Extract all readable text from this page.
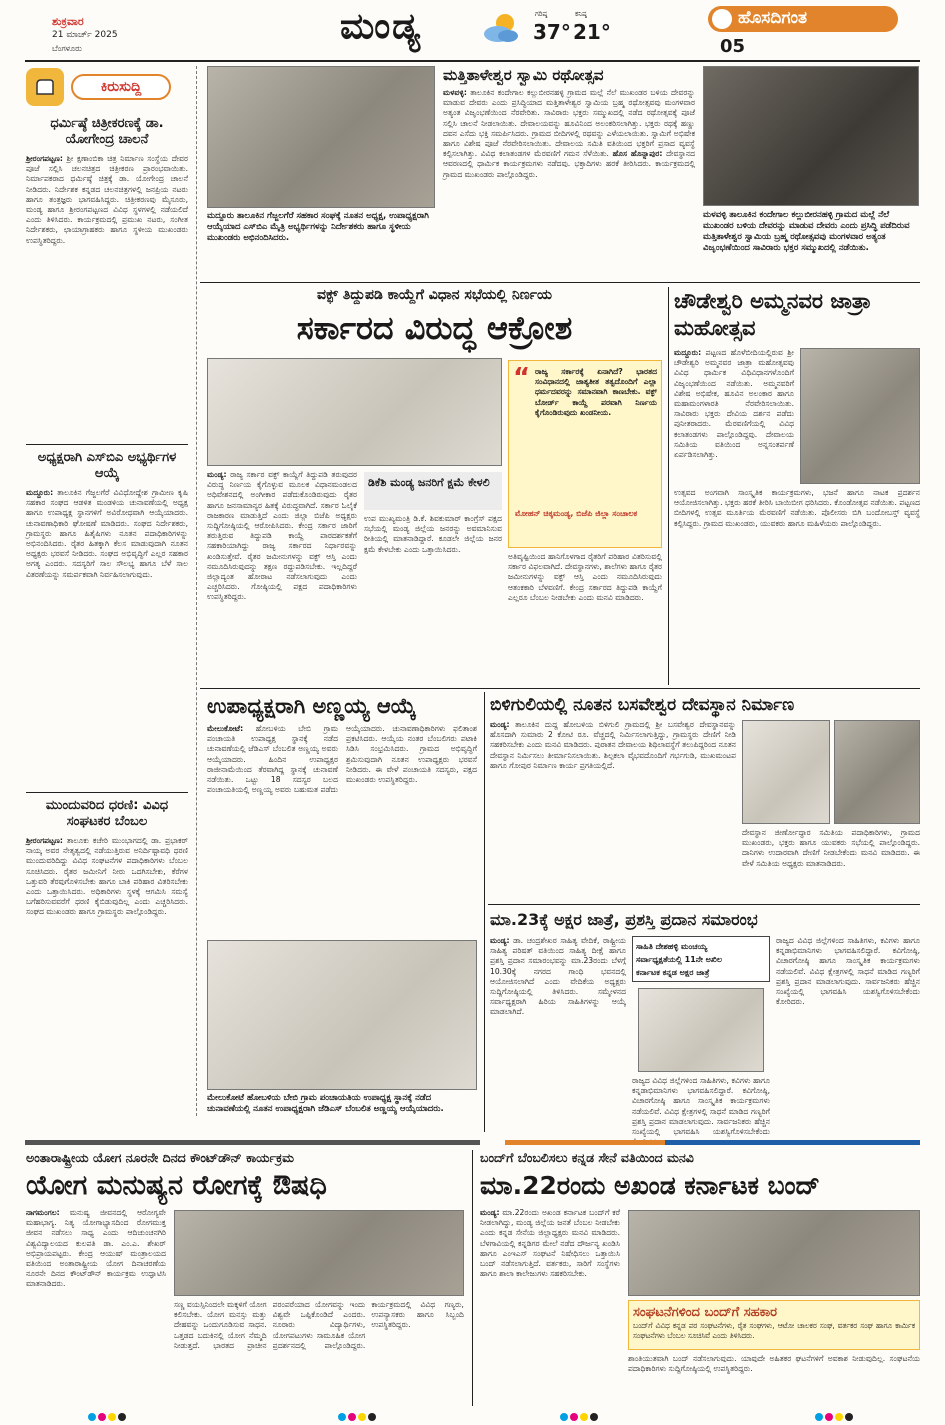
ಶುಕ್ರವಾರ
21 ಮಾರ್ಚ್ 2025
ಬೆಂಗಳೂರು
ಮಂಡ್ಯ	ಗರಿಷ್ಠ
37°
ಕನಿಷ್ಠ
21°
ಹೊಸದಿಗಂತ
05
ಕಿರುಸುದ್ದಿ
ಧರ್ಮಿಷ್ಠೆ ಚಿತ್ರೀಕರಣಕ್ಕೆ ಡಾ. ಯೋಗೇಂದ್ರ ಚಾಲನೆ
ಶ್ರೀರಂಗಪಟ್ಟಣ: ಶ್ರೀ ಕ್ಷಣಾಂಬಿಕಾ ಚಿತ್ರ ನಿರ್ಮಾಣ ಸಂಸ್ಥೆಯ ದೇವರ ಪೂಜೆ ಸಲ್ಲಿಸಿ ಚಲನಚಿತ್ರದ ಚಿತ್ರೀಕರಣ ಪ್ರಾರಂಭವಾಯಿತು. ನಿರ್ಮಾಪಕರಾದ ಧರ್ಮಿಷ್ಠೆ ಚಿತ್ರಕ್ಕೆ ಡಾ. ಯೋಗೇಂದ್ರ ಚಾಲನೆ ನೀಡಿದರು. ನಿರ್ದೇಶಕ ಕನ್ನಡದ ಚಲನಚಿತ್ರಗಳಲ್ಲಿ ಜನಪ್ರಿಯ ನಟರು ಹಾಗೂ ತಂತ್ರಜ್ಞರು ಭಾಗವಹಿಸಿದ್ದರು. ಚಿತ್ರೀಕರಣವು ಮೈಸೂರು, ಮಂಡ್ಯ ಹಾಗೂ ಶ್ರೀರಂಗಪಟ್ಟಣದ ವಿವಿಧ ಸ್ಥಳಗಳಲ್ಲಿ ನಡೆಯಲಿದೆ ಎಂದು ತಿಳಿಸಿದರು. ಕಾರ್ಯಕ್ರಮದಲ್ಲಿ ಪ್ರಮುಖ ನಟರು, ಸಂಗೀತ ನಿರ್ದೇಶಕರು, ಛಾಯಾಗ್ರಾಹಕರು ಹಾಗೂ ಸ್ಥಳೀಯ ಮುಖಂಡರು ಉಪಸ್ಥಿತರಿದ್ದರು.
ಅಧ್ಯಕ್ಷರಾಗಿ ಎಸ್‌ಬಿಎ ಅಭ್ಯರ್ಥಿಗಳ ಆಯ್ಕೆ
ಮದ್ದೂರು: ತಾಲೂಕಿನ ಗೆಜ್ಜಲಗೆರೆ ವಿವಿಧೋದ್ದೇಶ ಗ್ರಾಮೀಣ ಕೃಷಿ ಸಹಕಾರ ಸಂಘದ ಆಡಳಿತ ಮಂಡಳಿಯ ಚುನಾವಣೆಯಲ್ಲಿ ಅಧ್ಯಕ್ಷ ಹಾಗೂ ಉಪಾಧ್ಯಕ್ಷ ಸ್ಥಾನಗಳಿಗೆ ಅವಿರೋಧವಾಗಿ ಆಯ್ಕೆಯಾದರು. ಚುನಾವಣಾಧಿಕಾರಿ ಘೋಷಣೆ ಮಾಡಿದರು. ಸಂಘದ ನಿರ್ದೇಶಕರು, ಗ್ರಾಮಸ್ಥರು ಹಾಗೂ ಹಿತೈಷಿಗಳು ನೂತನ ಪದಾಧಿಕಾರಿಗಳನ್ನು ಅಭಿನಂದಿಸಿದರು. ರೈತರ ಹಿತಕ್ಕಾಗಿ ಕೆಲಸ ಮಾಡುವುದಾಗಿ ನೂತನ ಅಧ್ಯಕ್ಷರು ಭರವಸೆ ನೀಡಿದರು. ಸಂಘದ ಅಭಿವೃದ್ಧಿಗೆ ಎಲ್ಲರ ಸಹಕಾರ ಅಗತ್ಯ ಎಂದರು. ಸದಸ್ಯರಿಗೆ ಸಾಲ ಸೌಲಭ್ಯ ಹಾಗೂ ಬೆಳೆ ಸಾಲ ವಿತರಣೆಯನ್ನು ಸಮರ್ಪಕವಾಗಿ ನಿರ್ವಹಿಸಲಾಗುವುದು.
ಮುಂದುವರಿದ ಧರಣಿ: ವಿವಿಧ ಸಂಘಟಕರ ಬೆಂಬಲ
ಶ್ರೀರಂಗಪಟ್ಟಣ: ತಾಲೂಕು ಕಚೇರಿ ಮುಂಭಾಗದಲ್ಲಿ ಡಾ. ಪ್ರಭಾಕರ್ ನಾಯ್ಕ ಅವರ ನೇತೃತ್ವದಲ್ಲಿ ನಡೆಯುತ್ತಿರುವ ಅನಿರ್ದಿಷ್ಟಾವಧಿ ಧರಣಿ ಮುಂದುವರಿದಿದ್ದು ವಿವಿಧ ಸಂಘಟನೆಗಳ ಪದಾಧಿಕಾರಿಗಳು ಬೆಂಬಲ ಸೂಚಿಸಿದರು. ರೈತರ ಜಮೀನಿಗೆ ನೀರು ಒದಗಿಸಬೇಕು, ಕೆರೆಗಳ ಒತ್ತುವರಿ ತೆರವುಗೊಳಿಸಬೇಕು ಹಾಗೂ ಬಾಕಿ ಪರಿಹಾರ ವಿತರಿಸಬೇಕು ಎಂದು ಒತ್ತಾಯಿಸಿದರು. ಅಧಿಕಾರಿಗಳು ಸ್ಥಳಕ್ಕೆ ಆಗಮಿಸಿ ಸಮಸ್ಯೆ ಬಗೆಹರಿಸುವವರೆಗೆ ಧರಣಿ ಕೈಬಿಡುವುದಿಲ್ಲ ಎಂದು ಎಚ್ಚರಿಸಿದರು. ಸಂಘದ ಮುಖಂಡರು ಹಾಗೂ ಗ್ರಾಮಸ್ಥರು ಪಾಲ್ಗೊಂಡಿದ್ದರು.
ಮದ್ದೂರು ತಾಲೂಕಿನ ಗೆಜ್ಜಲಗೆರೆ ಸಹಕಾರ ಸಂಘಕ್ಕೆ ನೂತನ ಅಧ್ಯಕ್ಷ, ಉಪಾಧ್ಯಕ್ಷರಾಗಿ ಆಯ್ಕೆಯಾದ ಎಸ್‌ಬಿಎ ಮೈತ್ರಿ ಅಭ್ಯರ್ಥಿಗಳನ್ನು ನಿರ್ದೇಶಕರು ಹಾಗೂ ಸ್ಥಳೀಯ ಮುಖಂಡರು ಅಭಿನಂದಿಸಿದರು.
ಮತ್ತಿತಾಳೇಶ್ವರ ಸ್ವಾಮಿ ರಥೋತ್ಸವ
ಮಳವಳ್ಳಿ: ತಾಲೂಕಿನ ಕಂದೇಗಾಲ ಕಲ್ಲುಬೀರನಹಳ್ಳಿ ಗ್ರಾಮದ ಮಲ್ಲೆ ನೆಲೆ ಮುಖಂಡರ ಬಳಿಯ ದೇವರನ್ನು ಮಾಡುವ ದೇವರು ಎಂದು ಪ್ರಸಿದ್ಧಿಯಾದ ಮತ್ತಿತಾಳೇಶ್ವರ ಸ್ವಾಮಿಯ ಬ್ರಹ್ಮ ರಥೋತ್ಸವವು ಮಂಗಳವಾರ ಅತ್ಯಂತ ವಿಜೃಂಭಣೆಯಿಂದ ನೆರವೇರಿತು. ಸಾವಿರಾರು ಭಕ್ತರು ಸಮ್ಮುಖದಲ್ಲಿ ನಡೆದ ರಥೋತ್ಸವಕ್ಕೆ ಪೂಜೆ ಸಲ್ಲಿಸಿ ಚಾಲನೆ ನೀಡಲಾಯಿತು. ದೇವಾಲಯವನ್ನು ಹೂವಿನಿಂದ ಅಲಂಕರಿಸಲಾಗಿತ್ತು. ಭಕ್ತರು ರಥಕ್ಕೆ ಹಣ್ಣು ದವನ ಎಸೆದು ಭಕ್ತಿ ಸಮರ್ಪಿಸಿದರು. ಗ್ರಾಮದ ಬೀದಿಗಳಲ್ಲಿ ರಥವನ್ನು ಎಳೆಯಲಾಯಿತು. ಸ್ವಾಮಿಗೆ ಅಭಿಷೇಕ ಹಾಗೂ ವಿಶೇಷ ಪೂಜೆ ನೆರವೇರಿಸಲಾಯಿತು. ದೇವಾಲಯ ಸಮಿತಿ ವತಿಯಿಂದ ಭಕ್ತರಿಗೆ ಪ್ರಸಾದ ವ್ಯವಸ್ಥೆ ಕಲ್ಪಿಸಲಾಗಿತ್ತು. ವಿವಿಧ ಕಲಾತಂಡಗಳ ಮೆರವಣಿಗೆ ಗಮನ ಸೆಳೆಯಿತು. ಹೊಸ ಹೊನ್ನಾಪುರ: ದೇವಸ್ಥಾನದ ಆವರಣದಲ್ಲಿ ಧಾರ್ಮಿಕ ಕಾರ್ಯಕ್ರಮಗಳು ನಡೆದವು. ಭಕ್ತಾದಿಗಳು ಹರಕೆ ತೀರಿಸಿದರು. ಕಾರ್ಯಕ್ರಮದಲ್ಲಿ ಗ್ರಾಮದ ಮುಖಂಡರು ಪಾಲ್ಗೊಂಡಿದ್ದರು.
ಮಳವಳ್ಳಿ ತಾಲೂಕಿನ ಕಂದೇಗಾಲ ಕಲ್ಲುಬೀರನಹಳ್ಳಿ ಗ್ರಾಮದ ಮಲ್ಲೆ ನೆಲೆ ಮುಖಂಡರ ಬಳಿಯ ದೇವರನ್ನು ಮಾಡುವ ದೇವರು ಎಂದು ಪ್ರಸಿದ್ಧಿ ಪಡೆದಿರುವ ಮತ್ತಿತಾಳೇಶ್ವರ ಸ್ವಾಮಿಯ ಬ್ರಹ್ಮ ರಥೋತ್ಸವವು ಮಂಗಳವಾರ ಅತ್ಯಂತ ವಿಜೃಂಭಣೆಯಿಂದ ಸಾವಿರಾರು ಭಕ್ತರ ಸಮ್ಮುಖದಲ್ಲಿ ನಡೆಯಿತು.
ವಕ್ಫ್ ತಿದ್ದುಪಡಿ ಕಾಯ್ದೆಗೆ ವಿಧಾನ ಸಭೆಯಲ್ಲಿ ನಿರ್ಣಯ
ಸರ್ಕಾರದ ವಿರುದ್ಧ ಆಕ್ರೋಶ
ಮಂಡ್ಯ: ರಾಜ್ಯ ಸರ್ಕಾರ ವಕ್ಫ್ ಕಾಯ್ದೆಗೆ ತಿದ್ದುಪಡಿ ತರುವುದರ ವಿರುದ್ಧ ನಿರ್ಣಯ ಕೈಗೊಳ್ಳುವ ಮೂಲಕ ವಿಧಾನಮಂಡಲದ ಅಧಿವೇಶನದಲ್ಲಿ ಅಂಗೀಕಾರ ಪಡೆದುಕೊಂಡಿರುವುದು ರೈತರ ಹಾಗೂ ಜನಸಾಮಾನ್ಯರ ಹಿತಕ್ಕೆ ವಿರುದ್ಧವಾಗಿದೆ. ಸರ್ಕಾರ ಓಲೈಕೆ ರಾಜಕಾರಣ ಮಾಡುತ್ತಿದೆ ಎಂದು ಜಿಲ್ಲಾ ಬಿಜೆಪಿ ಅಧ್ಯಕ್ಷರು ಸುದ್ದಿಗೋಷ್ಠಿಯಲ್ಲಿ ಆರೋಪಿಸಿದರು. ಕೇಂದ್ರ ಸರ್ಕಾರ ಜಾರಿಗೆ ತರುತ್ತಿರುವ ತಿದ್ದುಪಡಿ ಕಾಯ್ದೆ ಪಾರದರ್ಶಕತೆಗೆ ಸಹಕಾರಿಯಾಗಿದ್ದು ರಾಜ್ಯ ಸರ್ಕಾರದ ನಿರ್ಧಾರವನ್ನು ಖಂಡಿಸುತ್ತೇವೆ. ರೈತರ ಜಮೀನುಗಳನ್ನು ವಕ್ಫ್ ಆಸ್ತಿ ಎಂದು ನಮೂದಿಸಿರುವುದನ್ನು ತಕ್ಷಣ ರದ್ದುಪಡಿಸಬೇಕು. ಇಲ್ಲದಿದ್ದರೆ ಜಿಲ್ಲಾದ್ಯಂತ ಹೋರಾಟ ನಡೆಸಲಾಗುವುದು ಎಂದು ಎಚ್ಚರಿಸಿದರು. ಗೋಷ್ಠಿಯಲ್ಲಿ ಪಕ್ಷದ ಪದಾಧಿಕಾರಿಗಳು ಉಪಸ್ಥಿತರಿದ್ದರು.
ಡಿಕೆಶಿ ಮಂಡ್ಯ ಜನರಿಗೆ ಕ್ಷಮೆ ಕೇಳಲಿ
ಉಪ ಮುಖ್ಯಮಂತ್ರಿ ಡಿ.ಕೆ. ಶಿವಕುಮಾರ್ ಕಾಂಗ್ರೆಸ್ ಪಕ್ಷದ ಸಭೆಯಲ್ಲಿ ಮಂಡ್ಯ ಜಿಲ್ಲೆಯ ಜನರನ್ನು ಅವಮಾನಿಸುವ ರೀತಿಯಲ್ಲಿ ಮಾತನಾಡಿದ್ದಾರೆ. ಕೂಡಲೇ ಜಿಲ್ಲೆಯ ಜನರ ಕ್ಷಮೆ ಕೇಳಬೇಕು ಎಂದು ಒತ್ತಾಯಿಸಿದರು.
“ ರಾಜ್ಯ ಸರ್ಕಾರಕ್ಕೆ ಏನಾಗಿದೆ? ಭಾರತದ ಸಂವಿಧಾನದಲ್ಲಿ ಜಾತ್ಯತೀತ ತತ್ವದೊಂದಿಗೆ ಎಲ್ಲಾ ಧರ್ಮದವರನ್ನು ಸಮಾನವಾಗಿ ಕಾಣಬೇಕು. ವಕ್ಫ್ ಬೋರ್ಡ್ ಕಾಯ್ದೆ ಪರವಾಗಿ ನಿರ್ಣಯ ಕೈಗೊಂಡಿರುವುದು ಖಂಡನೀಯ.
ಮೋಹನ್ ಚಿಕ್ಕಮಂಡ್ಯ, ಬಿಜೆಪಿ ಜಿಲ್ಲಾ ಸಂಚಾಲಕ
ಅತಿವೃಷ್ಟಿಯಿಂದ ಹಾನಿಗೊಳಗಾದ ರೈತರಿಗೆ ಪರಿಹಾರ ವಿತರಿಸುವಲ್ಲಿ ಸರ್ಕಾರ ವಿಫಲವಾಗಿದೆ. ದೇವಸ್ಥಾನಗಳು, ಶಾಲೆಗಳು ಹಾಗೂ ರೈತರ ಜಮೀನುಗಳನ್ನು ವಕ್ಫ್ ಆಸ್ತಿ ಎಂದು ನಮೂದಿಸಿರುವುದು ಆತಂಕಕಾರಿ ಬೆಳವಣಿಗೆ. ಕೇಂದ್ರ ಸರ್ಕಾರದ ತಿದ್ದುಪಡಿ ಕಾಯ್ದೆಗೆ ಎಲ್ಲರೂ ಬೆಂಬಲ ನೀಡಬೇಕು ಎಂದು ಮನವಿ ಮಾಡಿದರು.
ಚೌಡೇಶ್ವರಿ ಅಮ್ಮನವರ ಜಾತ್ರಾ ಮಹೋತ್ಸವ
ಮದ್ದೂರು: ಪಟ್ಟಣದ ಹೊಳೆಬೀದಿಯಲ್ಲಿರುವ ಶ್ರೀ ಚೌಡೇಶ್ವರಿ ಅಮ್ಮನವರ ಜಾತ್ರಾ ಮಹೋತ್ಸವವು ವಿವಿಧ ಧಾರ್ಮಿಕ ವಿಧಿವಿಧಾನಗಳೊಂದಿಗೆ ವಿಜೃಂಭಣೆಯಿಂದ ನಡೆಯಿತು. ಅಮ್ಮನವರಿಗೆ ವಿಶೇಷ ಅಭಿಷೇಕ, ಹೂವಿನ ಅಲಂಕಾರ ಹಾಗೂ ಮಹಾಮಂಗಳಾರತಿ ನೆರವೇರಿಸಲಾಯಿತು. ಸಾವಿರಾರು ಭಕ್ತರು ದೇವಿಯ ದರ್ಶನ ಪಡೆದು ಪುನೀತರಾದರು. ಮೆರವಣಿಗೆಯಲ್ಲಿ ವಿವಿಧ ಕಲಾತಂಡಗಳು ಪಾಲ್ಗೊಂಡಿದ್ದವು. ದೇವಾಲಯ ಸಮಿತಿಯ ವತಿಯಿಂದ ಅನ್ನಸಂತರ್ಪಣೆ ಏರ್ಪಡಿಸಲಾಗಿತ್ತು.
ಉತ್ಸವದ ಅಂಗವಾಗಿ ಸಾಂಸ್ಕೃತಿಕ ಕಾರ್ಯಕ್ರಮಗಳು, ಭಜನೆ ಹಾಗೂ ನಾಟಕ ಪ್ರದರ್ಶನ ಆಯೋಜಿಸಲಾಗಿತ್ತು. ಭಕ್ತರು ಹರಕೆ ತೀರಿಸಿ ಬಾಯಿಬೀಗ ಧರಿಸಿದರು. ಕೊಂಡೋತ್ಸವ ನಡೆಯಿತು. ಪಟ್ಟಣದ ಬೀದಿಗಳಲ್ಲಿ ಉತ್ಸವ ಮೂರ್ತಿಯ ಮೆರವಣಿಗೆ ನಡೆಯಿತು. ಪೊಲೀಸರು ಬಿಗಿ ಬಂದೋಬಸ್ತ್ ವ್ಯವಸ್ಥೆ ಕಲ್ಪಿಸಿದ್ದರು. ಗ್ರಾಮದ ಮುಖಂಡರು, ಯುವಕರು ಹಾಗೂ ಮಹಿಳೆಯರು ಪಾಲ್ಗೊಂಡಿದ್ದರು.
ಉಪಾಧ್ಯಕ್ಷರಾಗಿ ಅಣ್ಣಯ್ಯ ಆಯ್ಕೆ
ಮೇಲುಕೋಟೆ: ಹೋಬಳಿಯ ಬೇಬಿ ಗ್ರಾಮ ಪಂಚಾಯತಿ ಉಪಾಧ್ಯಕ್ಷ ಸ್ಥಾನಕ್ಕೆ ನಡೆದ ಚುನಾವಣೆಯಲ್ಲಿ ಜೆಡಿಎಸ್ ಬೆಂಬಲಿತ ಅಣ್ಣಯ್ಯ ಅವರು ಆಯ್ಕೆಯಾದರು. ಹಿಂದಿನ ಉಪಾಧ್ಯಕ್ಷರ ರಾಜೀನಾಮೆಯಿಂದ ತೆರವಾಗಿದ್ದ ಸ್ಥಾನಕ್ಕೆ ಚುನಾವಣೆ ನಡೆಯಿತು. ಒಟ್ಟು 18 ಸದಸ್ಯರ ಬಲದ ಪಂಚಾಯತಿಯಲ್ಲಿ ಅಣ್ಣಯ್ಯ ಅವರು ಬಹುಮತ ಪಡೆದು ಆಯ್ಕೆಯಾದರು. ಚುನಾವಣಾಧಿಕಾರಿಗಳು ಫಲಿತಾಂಶ ಪ್ರಕಟಿಸಿದರು. ಆಯ್ಕೆಯ ನಂತರ ಬೆಂಬಲಿಗರು ಪಟಾಕಿ ಸಿಡಿಸಿ ಸಂಭ್ರಮಿಸಿದರು. ಗ್ರಾಮದ ಅಭಿವೃದ್ಧಿಗೆ ಶ್ರಮಿಸುವುದಾಗಿ ನೂತನ ಉಪಾಧ್ಯಕ್ಷರು ಭರವಸೆ ನೀಡಿದರು. ಈ ವೇಳೆ ಪಂಚಾಯತಿ ಸದಸ್ಯರು, ಪಕ್ಷದ ಮುಖಂಡರು ಉಪಸ್ಥಿತರಿದ್ದರು.
ಮೇಲುಕೋಟೆ ಹೋಬಳಿಯ ಬೇಬಿ ಗ್ರಾಮ ಪಂಚಾಯತಿಯ ಉಪಾಧ್ಯಕ್ಷ ಸ್ಥಾನಕ್ಕೆ ನಡೆದ ಚುನಾವಣೆಯಲ್ಲಿ ನೂತನ ಉಪಾಧ್ಯಕ್ಷರಾಗಿ ಜೆಡಿಎಸ್ ಬೆಂಬಲಿತ ಅಣ್ಣಯ್ಯ ಆಯ್ಕೆಯಾದರು.
ಬಿಳಿಗುಲಿಯಲ್ಲಿ ನೂತನ ಬಸವೇಶ್ವರ ದೇವಸ್ಥಾನ ನಿರ್ಮಾಣ
ಮಂಡ್ಯ: ತಾಲೂಕಿನ ದುದ್ದ ಹೋಬಳಿಯ ಬಿಳಿಗುಲಿ ಗ್ರಾಮದಲ್ಲಿ ಶ್ರೀ ಬಸವೇಶ್ವರ ದೇವಸ್ಥಾನವನ್ನು ಹೊಸದಾಗಿ ಸುಮಾರು 2 ಕೋಟಿ ರೂ. ವೆಚ್ಚದಲ್ಲಿ ನಿರ್ಮಿಸಲಾಗುತ್ತಿದ್ದು, ಗ್ರಾಮಸ್ಥರು ದೇಣಿಗೆ ನೀಡಿ ಸಹಕರಿಸಬೇಕು ಎಂದು ಮನವಿ ಮಾಡಿದರು. ಪುರಾತನ ದೇವಾಲಯ ಶಿಥಿಲಾವಸ್ಥೆಗೆ ತಲುಪಿದ್ದರಿಂದ ನೂತನ ದೇವಸ್ಥಾನ ನಿರ್ಮಿಸಲು ತೀರ್ಮಾನಿಸಲಾಯಿತು. ಶಿಲ್ಪಕಲಾ ವೈಭವದೊಂದಿಗೆ ಗರ್ಭಗುಡಿ, ಮುಖಮಂಟಪ ಹಾಗೂ ಗೋಪುರ ನಿರ್ಮಾಣ ಕಾರ್ಯ ಪ್ರಗತಿಯಲ್ಲಿದೆ.
ದೇವಸ್ಥಾನ ಜೀರ್ಣೋದ್ಧಾರ ಸಮಿತಿಯ ಪದಾಧಿಕಾರಿಗಳು, ಗ್ರಾಮದ ಮುಖಂಡರು, ಭಕ್ತರು ಹಾಗೂ ಯುವಕರು ಸಭೆಯಲ್ಲಿ ಪಾಲ್ಗೊಂಡಿದ್ದರು. ದಾನಿಗಳು ಉದಾರವಾಗಿ ದೇಣಿಗೆ ನೀಡಬೇಕೆಂದು ಮನವಿ ಮಾಡಿದರು. ಈ ವೇಳೆ ಸಮಿತಿಯ ಅಧ್ಯಕ್ಷರು ಮಾತನಾಡಿದರು.
ಮಾ.23ಕ್ಕೆ ಅಕ್ಷರ ಜಾತ್ರೆ, ಪ್ರಶಸ್ತಿ ಪ್ರದಾನ ಸಮಾರಂಭ
ಮಂಡ್ಯ: ಡಾ. ಚಂದ್ರಶೇಖರ ಸಾಹಿತ್ಯ ವೇದಿಕೆ, ರಾಷ್ಟ್ರೀಯ ಸಾಹಿತ್ಯ ಪರಿಷತ್ ವತಿಯಿಂದ ಸಾಹಿತ್ಯ ದೀಕ್ಷೆ ಹಾಗೂ ಪ್ರಶಸ್ತಿ ಪ್ರದಾನ ಸಮಾರಂಭವನ್ನು ಮಾ.23ರಂದು ಬೆಳಗ್ಗೆ 10.30ಕ್ಕೆ ನಗರದ ಗಾಂಧಿ ಭವನದಲ್ಲಿ ಆಯೋಜಿಸಲಾಗಿದೆ ಎಂದು ವೇದಿಕೆಯ ಅಧ್ಯಕ್ಷರು ಸುದ್ದಿಗೋಷ್ಠಿಯಲ್ಲಿ ತಿಳಿಸಿದರು. ಸಮ್ಮೇಳನದ ಸರ್ವಾಧ್ಯಕ್ಷರಾಗಿ ಹಿರಿಯ ಸಾಹಿತಿಗಳನ್ನು ಆಯ್ಕೆ ಮಾಡಲಾಗಿದೆ.
ಸಾಹಿತಿ ದೇಶಹಳ್ಳಿ ಮಂಚಯ್ಯ
ಸರ್ವಾಧ್ಯಕ್ಷತೆಯಲ್ಲಿ 11ನೇ ಅಖಿಲ
ಕರ್ನಾಟಕ ಕನ್ನಡ ಅಕ್ಷರ ಜಾತ್ರೆ
ರಾಜ್ಯದ ವಿವಿಧ ಜಿಲ್ಲೆಗಳಿಂದ ಸಾಹಿತಿಗಳು, ಕವಿಗಳು ಹಾಗೂ ಕನ್ನಡಾಭಿಮಾನಿಗಳು ಭಾಗವಹಿಸಲಿದ್ದಾರೆ. ಕವಿಗೋಷ್ಠಿ, ವಿಚಾರಗೋಷ್ಠಿ ಹಾಗೂ ಸಾಂಸ್ಕೃತಿಕ ಕಾರ್ಯಕ್ರಮಗಳು ನಡೆಯಲಿವೆ. ವಿವಿಧ ಕ್ಷೇತ್ರಗಳಲ್ಲಿ ಸಾಧನೆ ಮಾಡಿದ ಗಣ್ಯರಿಗೆ ಪ್ರಶಸ್ತಿ ಪ್ರದಾನ ಮಾಡಲಾಗುವುದು. ಸಾರ್ವಜನಿಕರು ಹೆಚ್ಚಿನ ಸಂಖ್ಯೆಯಲ್ಲಿ ಭಾಗವಹಿಸಿ ಯಶಸ್ವಿಗೊಳಿಸಬೇಕೆಂದು
ರಾಜ್ಯದ ವಿವಿಧ ಜಿಲ್ಲೆಗಳಿಂದ ಸಾಹಿತಿಗಳು, ಕವಿಗಳು ಹಾಗೂ ಕನ್ನಡಾಭಿಮಾನಿಗಳು ಭಾಗವಹಿಸಲಿದ್ದಾರೆ. ಕವಿಗೋಷ್ಠಿ, ವಿಚಾರಗೋಷ್ಠಿ ಹಾಗೂ ಸಾಂಸ್ಕೃತಿಕ ಕಾರ್ಯಕ್ರಮಗಳು ನಡೆಯಲಿವೆ. ವಿವಿಧ ಕ್ಷೇತ್ರಗಳಲ್ಲಿ ಸಾಧನೆ ಮಾಡಿದ ಗಣ್ಯರಿಗೆ ಪ್ರಶಸ್ತಿ ಪ್ರದಾನ ಮಾಡಲಾಗುವುದು. ಸಾರ್ವಜನಿಕರು ಹೆಚ್ಚಿನ ಸಂಖ್ಯೆಯಲ್ಲಿ ಭಾಗವಹಿಸಿ ಯಶಸ್ವಿಗೊಳಿಸಬೇಕೆಂದು ಕೋರಿದರು.
ಅಂತಾರಾಷ್ಟ್ರೀಯ ಯೋಗ ನೂರನೇ ದಿನದ ಕೌಂಟ್‌ಡೌನ್ ಕಾರ್ಯಕ್ರಮ
ಯೋಗ ಮನುಷ್ಯನ ರೋಗಕ್ಕೆ ಔಷಧಿ
ನಾಗಮಂಗಲ: ಮನುಷ್ಯ ಜೀವನದಲ್ಲಿ ಆರೋಗ್ಯವೇ ಮಹಾಭಾಗ್ಯ. ನಿತ್ಯ ಯೋಗಾಭ್ಯಾಸದಿಂದ ರೋಗಮುಕ್ತ ಜೀವನ ನಡೆಸಲು ಸಾಧ್ಯ ಎಂದು ಆದಿಚುಂಚನಗಿರಿ ವಿಶ್ವವಿದ್ಯಾಲಯದ ಕುಲಪತಿ ಡಾ. ಎಂ.ಎ. ಶೇಖರ್ ಅಭಿಪ್ರಾಯಪಟ್ಟರು. ಕೇಂದ್ರ ಆಯುಷ್ ಮಂತ್ರಾಲಯದ ವತಿಯಿಂದ ಅಂತಾರಾಷ್ಟ್ರೀಯ ಯೋಗ ದಿನಾಚರಣೆಯ ನೂರನೇ ದಿನದ ಕೌಂಟ್‌ಡೌನ್ ಕಾರ್ಯಕ್ರಮ ಉದ್ಘಾಟಿಸಿ ಮಾತನಾಡಿದರು.
ಸಣ್ಣ ವಯಸ್ಸಿನಿಂದಲೇ ಮಕ್ಕಳಿಗೆ ಯೋಗ ಕಲಿಸಬೇಕು. ಯೋಗ ಮನಸ್ಸು ಮತ್ತು ದೇಹವನ್ನು ಒಂದುಗೂಡಿಸುವ ಸಾಧನ. ಒತ್ತಡದ ಬದುಕಿನಲ್ಲಿ ಯೋಗ ನೆಮ್ಮದಿ ನೀಡುತ್ತದೆ. ಭಾರತದ ಪ್ರಾಚೀನ ಪರಂಪರೆಯಾದ ಯೋಗವನ್ನು ಇಂದು ವಿಶ್ವವೇ ಒಪ್ಪಿಕೊಂಡಿದೆ ಎಂದರು. ನೂರಾರು ವಿದ್ಯಾರ್ಥಿಗಳು, ಯೋಗಪಟುಗಳು ಸಾಮೂಹಿಕ ಯೋಗ ಪ್ರದರ್ಶನದಲ್ಲಿ ಪಾಲ್ಗೊಂಡಿದ್ದರು. ಕಾರ್ಯಕ್ರಮದಲ್ಲಿ ವಿವಿಧ ಗಣ್ಯರು, ಉಪನ್ಯಾಸಕರು ಹಾಗೂ ಸಿಬ್ಬಂದಿ ಉಪಸ್ಥಿತರಿದ್ದರು.
ಬಂದ್‌ಗೆ ಬೆಂಬಲಿಸಲು ಕನ್ನಡ ಸೇನೆ ವತಿಯಿಂದ ಮನವಿ
ಮಾ.22ರಂದು ಅಖಂಡ ಕರ್ನಾಟಕ ಬಂದ್
ಮಂಡ್ಯ: ಮಾ.22ರಂದು ಅಖಂಡ ಕರ್ನಾಟಕ ಬಂದ್‌ಗೆ ಕರೆ ನೀಡಲಾಗಿದ್ದು, ಮಂಡ್ಯ ಜಿಲ್ಲೆಯ ಜನತೆ ಬೆಂಬಲ ನೀಡಬೇಕು ಎಂದು ಕನ್ನಡ ಸೇನೆಯ ಜಿಲ್ಲಾಧ್ಯಕ್ಷರು ಮನವಿ ಮಾಡಿದರು. ಬೆಳಗಾವಿಯಲ್ಲಿ ಕನ್ನಡಿಗರ ಮೇಲೆ ನಡೆದ ದೌರ್ಜನ್ಯ ಖಂಡಿಸಿ ಹಾಗೂ ಎಂಇಎಸ್ ಸಂಘಟನೆ ನಿಷೇಧಿಸಲು ಒತ್ತಾಯಿಸಿ ಬಂದ್ ನಡೆಸಲಾಗುತ್ತಿದೆ. ವರ್ತಕರು, ಸಾರಿಗೆ ಸಂಸ್ಥೆಗಳು ಹಾಗೂ ಶಾಲಾ ಕಾಲೇಜುಗಳು ಸಹಕರಿಸಬೇಕು.
ಸಂಘಟನೆಗಳಿಂದ ಬಂದ್‌ಗೆ ಸಹಕಾರ
ಬಂದ್‌ಗೆ ವಿವಿಧ ಕನ್ನಡ ಪರ ಸಂಘಟನೆಗಳು, ರೈತ ಸಂಘಗಳು, ಆಟೋ ಚಾಲಕರ ಸಂಘ, ವರ್ತಕರ ಸಂಘ ಹಾಗೂ ಕಾರ್ಮಿಕ ಸಂಘಟನೆಗಳು ಬೆಂಬಲ ಸೂಚಿಸಿವೆ ಎಂದು ತಿಳಿಸಿದರು.
ಶಾಂತಿಯುತವಾಗಿ ಬಂದ್ ನಡೆಸಲಾಗುವುದು. ಯಾವುದೇ ಅಹಿತಕರ ಘಟನೆಗಳಿಗೆ ಅವಕಾಶ ನೀಡುವುದಿಲ್ಲ. ಸಂಘಟನೆಯ ಪದಾಧಿಕಾರಿಗಳು ಸುದ್ದಿಗೋಷ್ಠಿಯಲ್ಲಿ ಉಪಸ್ಥಿತರಿದ್ದರು.
